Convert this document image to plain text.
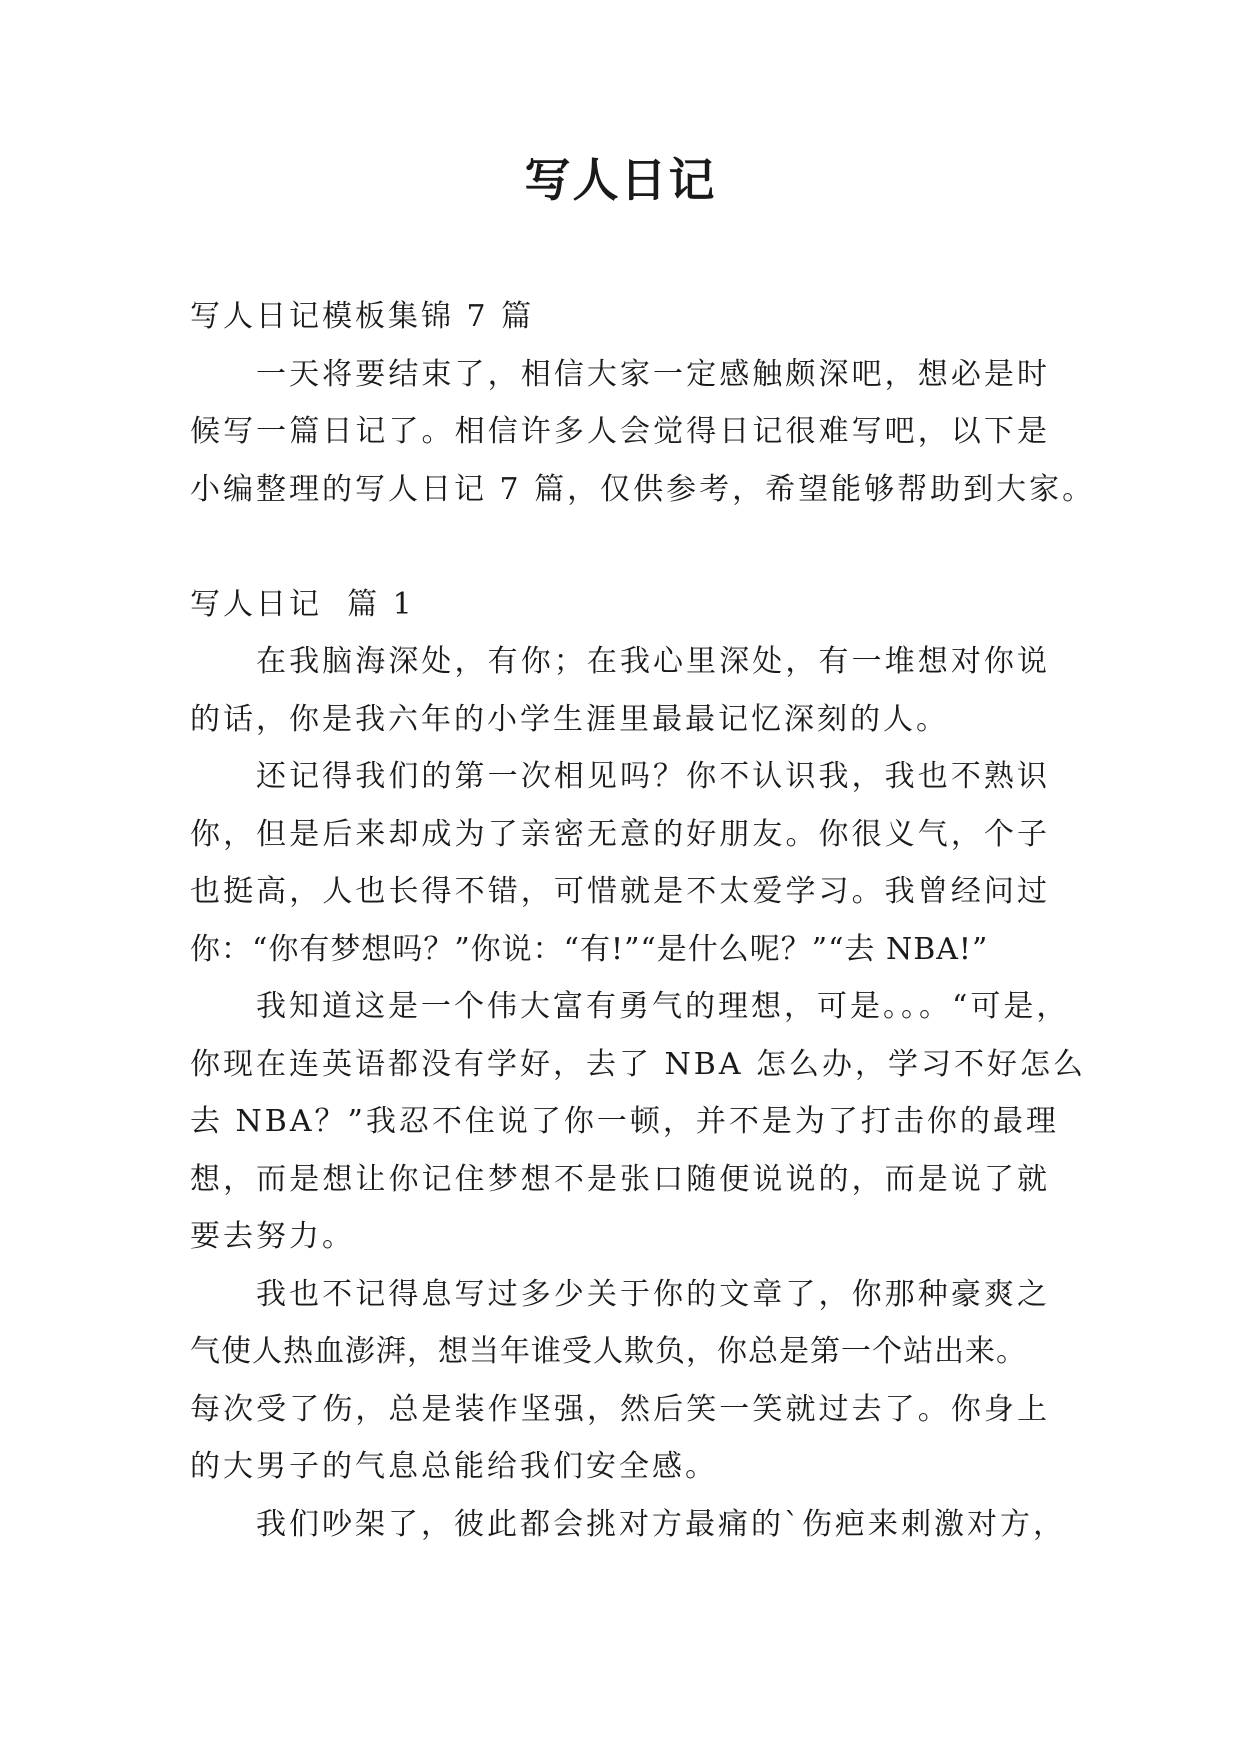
写人日记
写人日记模板集锦 7 篇
一天将要结束了，相信大家一定感触颇深吧，想必是时
候写一篇日记了。相信许多人会觉得日记很难写吧，以下是
小编整理的写人日记 7 篇，仅供参考，希望能够帮助到大家。
写人日记  篇 1
在我脑海深处，有你；在我心里深处，有一堆想对你说
的话，你是我六年的小学生涯里最最记忆深刻的人。
还记得我们的第一次相见吗？你不认识我，我也不熟识
你，但是后来却成为了亲密无意的好朋友。你很义气，个子
也挺高，人也长得不错，可惜就是不太爱学习。我曾经问过
你：“你有梦想吗？”你说：“有!”“是什么呢？”“去 NBA!”
我知道这是一个伟大富有勇气的理想，可是。。。“可是，
你现在连英语都没有学好，去了 NBA 怎么办，学习不好怎么
去 NBA？”我忍不住说了你一顿，并不是为了打击你的最理
想，而是想让你记住梦想不是张口随便说说的，而是说了就
要去努力。
我也不记得息写过多少关于你的文章了，你那种豪爽之
气使人热血澎湃，想当年谁受人欺负，你总是第一个站出来。
每次受了伤，总是装作坚强，然后笑一笑就过去了。你身上
的大男子的气息总能给我们安全感。
我们吵架了，彼此都会挑对方最痛的`伤疤来刺激对方，
